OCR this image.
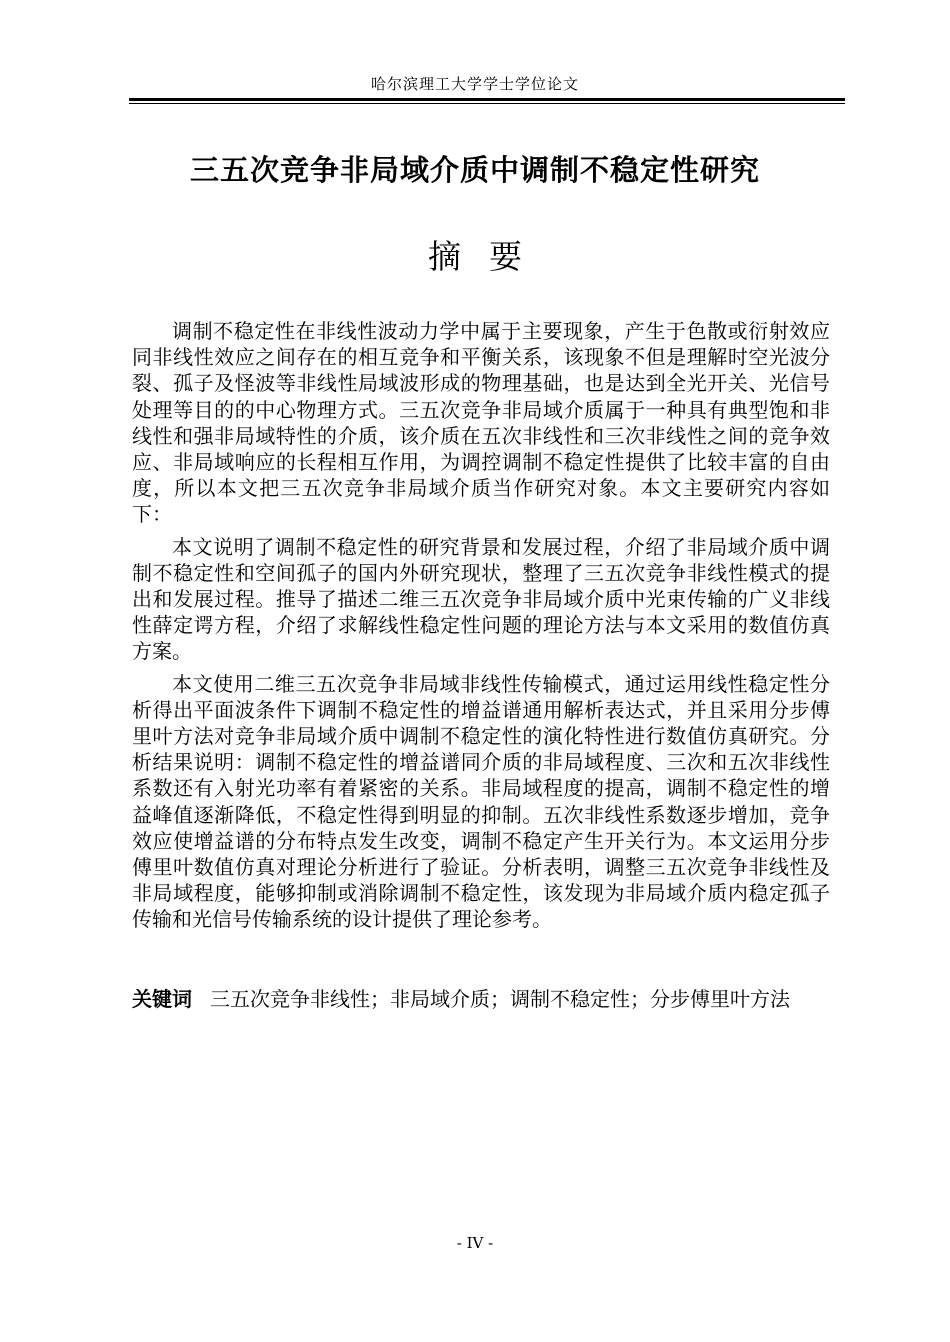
哈尔滨理工大学学士学位论文
三五次竞争非局域介质中调制不稳定性研究
摘要

调制不稳定性在非线性波动力学中属于主要现象，产生于色散或衍射效应同非线性效应之间存在的相互竞争和平衡关系，该现象不但是理解时空光波分裂、孤子及怪波等非线性局域波形成的物理基础，也是达到全光开关、光信号处理等目的的中心物理方式。三五次竞争非局域介质属于一种具有典型饱和非线性和强非局域特性的介质，该介质在五次非线性和三次非线性之间的竞争效应、非局域响应的长程相互作用，为调控调制不稳定性提供了比较丰富的自由度，所以本文把三五次竞争非局域介质当作研究对象。本文主要研究内容如下：

本文说明了调制不稳定性的研究背景和发展过程，介绍了非局域介质中调制不稳定性和空间孤子的国内外研究现状，整理了三五次竞争非线性模式的提出和发展过程。推导了描述二维三五次竞争非局域介质中光束传输的广义非线性薛定谔方程，介绍了求解线性稳定性问题的理论方法与本文采用的数值仿真方案。

本文使用二维三五次竞争非局域非线性传输模式，通过运用线性稳定性分析得出平面波条件下调制不稳定性的增益谱通用解析表达式，并且采用分步傅里叶方法对竞争非局域介质中调制不稳定性的演化特性进行数值仿真研究。分析结果说明：调制不稳定性的增益谱同介质的非局域程度、三次和五次非线性系数还有入射光功率有着紧密的关系。非局域程度的提高，调制不稳定性的增益峰值逐渐降低，不稳定性得到明显的抑制。五次非线性系数逐步增加，竞争效应使增益谱的分布特点发生改变，调制不稳定产生开关行为。本文运用分步傅里叶数值仿真对理论分析进行了验证。分析表明，调整三五次竞争非线性及非局域程度，能够抑制或消除调制不稳定性，该发现为非局域介质内稳定孤子传输和光信号传输系统的设计提供了理论参考。

关键词 三五次竞争非线性；非局域介质；调制不稳定性；分步傅里叶方法
- IV -
